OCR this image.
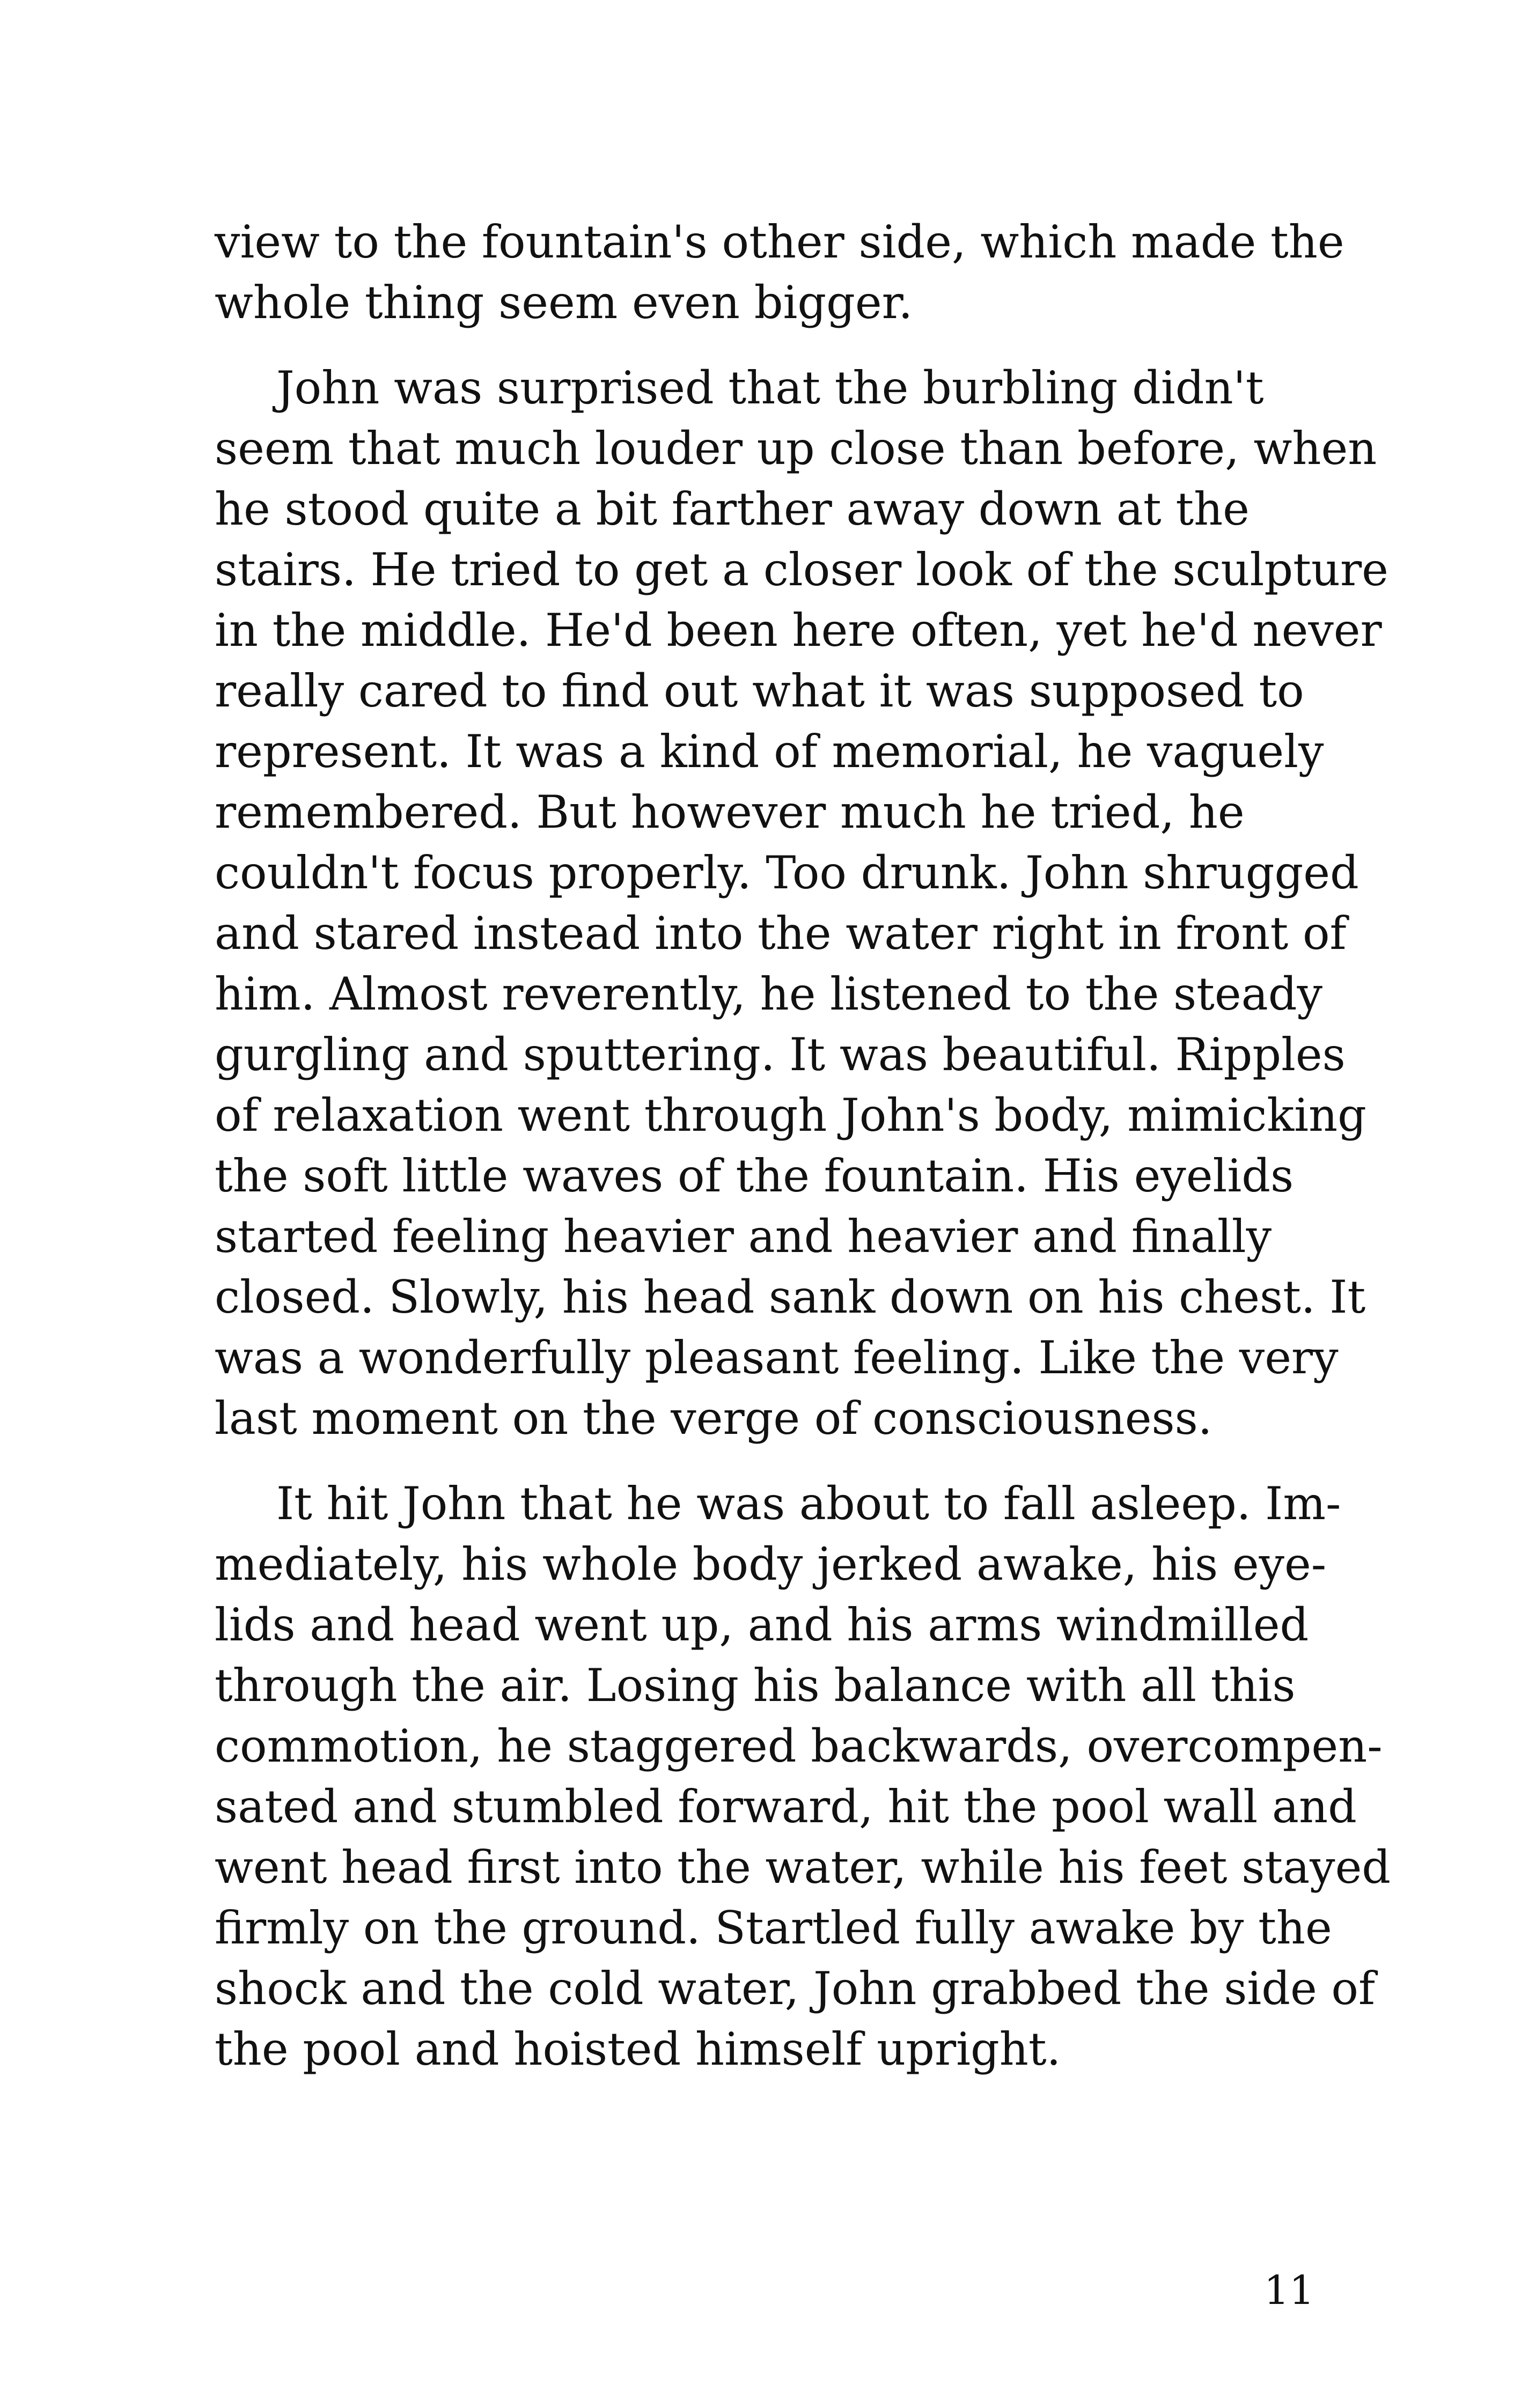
view to the fountain's other side, which made the
whole thing seem even bigger.

John was surprised that the burbling didn't
seem that much louder up close than before, when
he stood quite a bit farther away down at the
stairs. He tried to get a closer look of the sculpture
in the middle. He'd been here often, yet he'd never
really cared to find out what it was supposed to
represent. It was a kind of memorial, he vaguely
remembered. But however much he tried, he
couldn't focus properly. Too drunk. John shrugged
and stared instead into the water right in front of
him. Almost reverently, he listened to the steady
gurgling and sputtering. It was beautiful. Ripples
of relaxation went through John's body, mimicking
the soft little waves of the fountain. His eyelids
started feeling heavier and heavier and finally
closed. Slowly, his head sank down on his chest. It
was a wonderfully pleasant feeling. Like the very
last moment on the verge of consciousness.

It hit John that he was about to fall asleep. Im-
mediately, his whole body jerked awake, his eye-
lids and head went up, and his arms windmilled
through the air. Losing his balance with all this
commotion, he staggered backwards, overcompen-
sated and stumbled forward, hit the pool wall and
went head first into the water, while his feet stayed
firmly on the ground. Startled fully awake by the
shock and the cold water, John grabbed the side of
the pool and hoisted himself upright.

11
